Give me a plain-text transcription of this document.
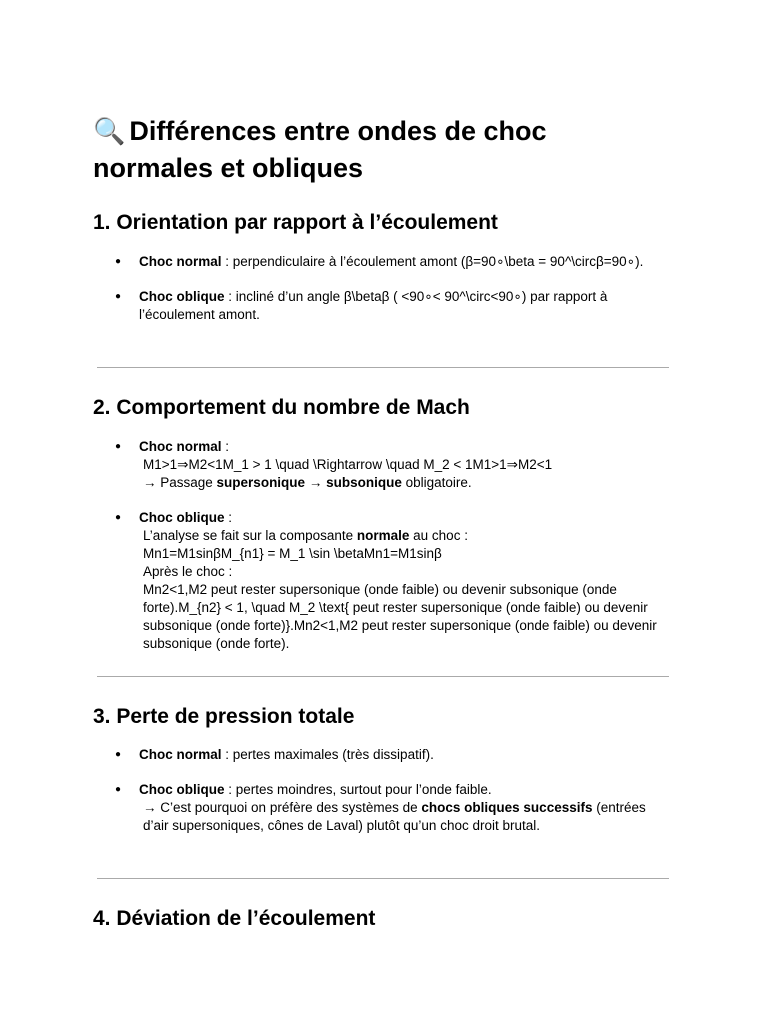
🔍 Différences entre ondes de choc normales et obliques
1. Orientation par rapport à l’écoulement
● Choc normal : perpendiculaire à l’écoulement amont (β=90∘\beta = 90^\circβ=90∘).
● Choc oblique : incliné d’un angle β\betaβ ( <90∘< 90^\circ<90∘) par rapport à l’écoulement amont.
2. Comportement du nombre de Mach
● Choc normal :
M1>1⇒M2<1M_1 > 1 \quad \Rightarrow \quad M_2 < 1M1>1⇒M2<1
→ Passage supersonique → subsonique obligatoire.
● Choc oblique :
L’analyse se fait sur la composante normale au choc :
Mn1=M1sinβM_{n1} = M_1 \sin \betaMn1=M1sinβ
Après le choc :
Mn2<1,M2 peut rester supersonique (onde faible) ou devenir subsonique (onde forte).M_{n2} < 1, \quad M_2 \text{ peut rester supersonique (onde faible) ou devenir subsonique (onde forte)}.Mn2<1,M2 peut rester supersonique (onde faible) ou devenir subsonique (onde forte).
3. Perte de pression totale
● Choc normal : pertes maximales (très dissipatif).
● Choc oblique : pertes moindres, surtout pour l’onde faible.
→ C’est pourquoi on préfère des systèmes de chocs obliques successifs (entrées d’air supersoniques, cônes de Laval) plutôt qu’un choc droit brutal.
4. Déviation de l’écoulement
